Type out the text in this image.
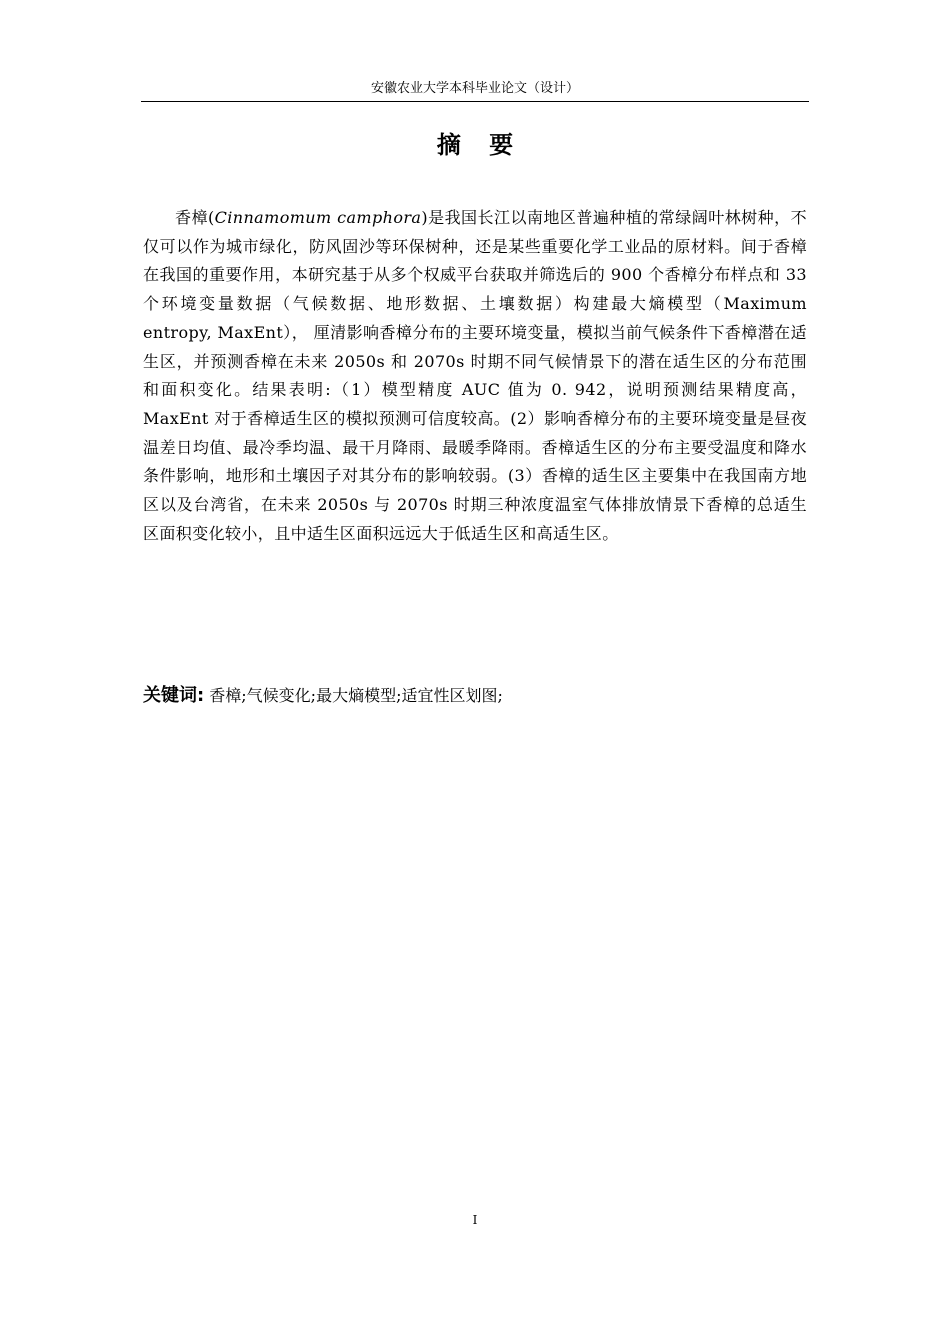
安徽农业大学本科毕业论文（设计）
摘 要

香樟(Cinnamomum camphora)是我国长江以南地区普遍种植的常绿阔叶林树种，不仅可以作为城市绿化，防风固沙等环保树种，还是某些重要化学工业品的原材料。间于香樟在我国的重要作用，本研究基于从多个权威平台获取并筛选后的 900 个香樟分布样点和 33 个环境变量数据（气候数据、地形数据、土壤数据）构建最大熵模型（Maximum entropy, MaxEnt）， 厘清影响香樟分布的主要环境变量，模拟当前气候条件下香樟潜在适生区，并预测香樟在未来 2050s 和 2070s 时期不同气候情景下的潜在适生区的分布范围和面积变化。结果表明:（1）模型精度 AUC 值为 0. 942，说明预测结果精度高，MaxEnt 对于香樟适生区的模拟预测可信度较高。(2）影响香樟分布的主要环境变量是昼夜温差日均值、最冷季均温、最干月降雨、最暖季降雨。香樟适生区的分布主要受温度和降水条件影响，地形和土壤因子对其分布的影响较弱。(3）香樟的适生区主要集中在我国南方地区以及台湾省，在未来 2050s 与 2070s 时期三种浓度温室气体排放情景下香樟的总适生区面积变化较小，且中适生区面积远远大于低适生区和高适生区。

关键词: 香樟;气候变化;最大熵模型;适宜性区划图;
I
